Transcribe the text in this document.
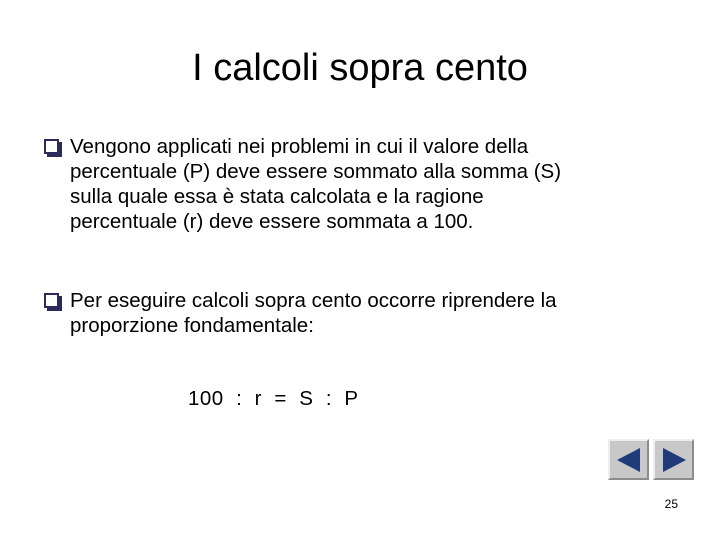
I calcoli sopra cento
Vengono applicati nei problemi in cui il valore della
percentuale (P) deve essere sommato alla somma (S)
sulla quale essa è stata calcolata e la ragione
percentuale (r) deve essere sommata a 100.
Per eseguire calcoli sopra cento occorre riprendere la
proporzione fondamentale:
100  :  r  =  S  :  P
25
